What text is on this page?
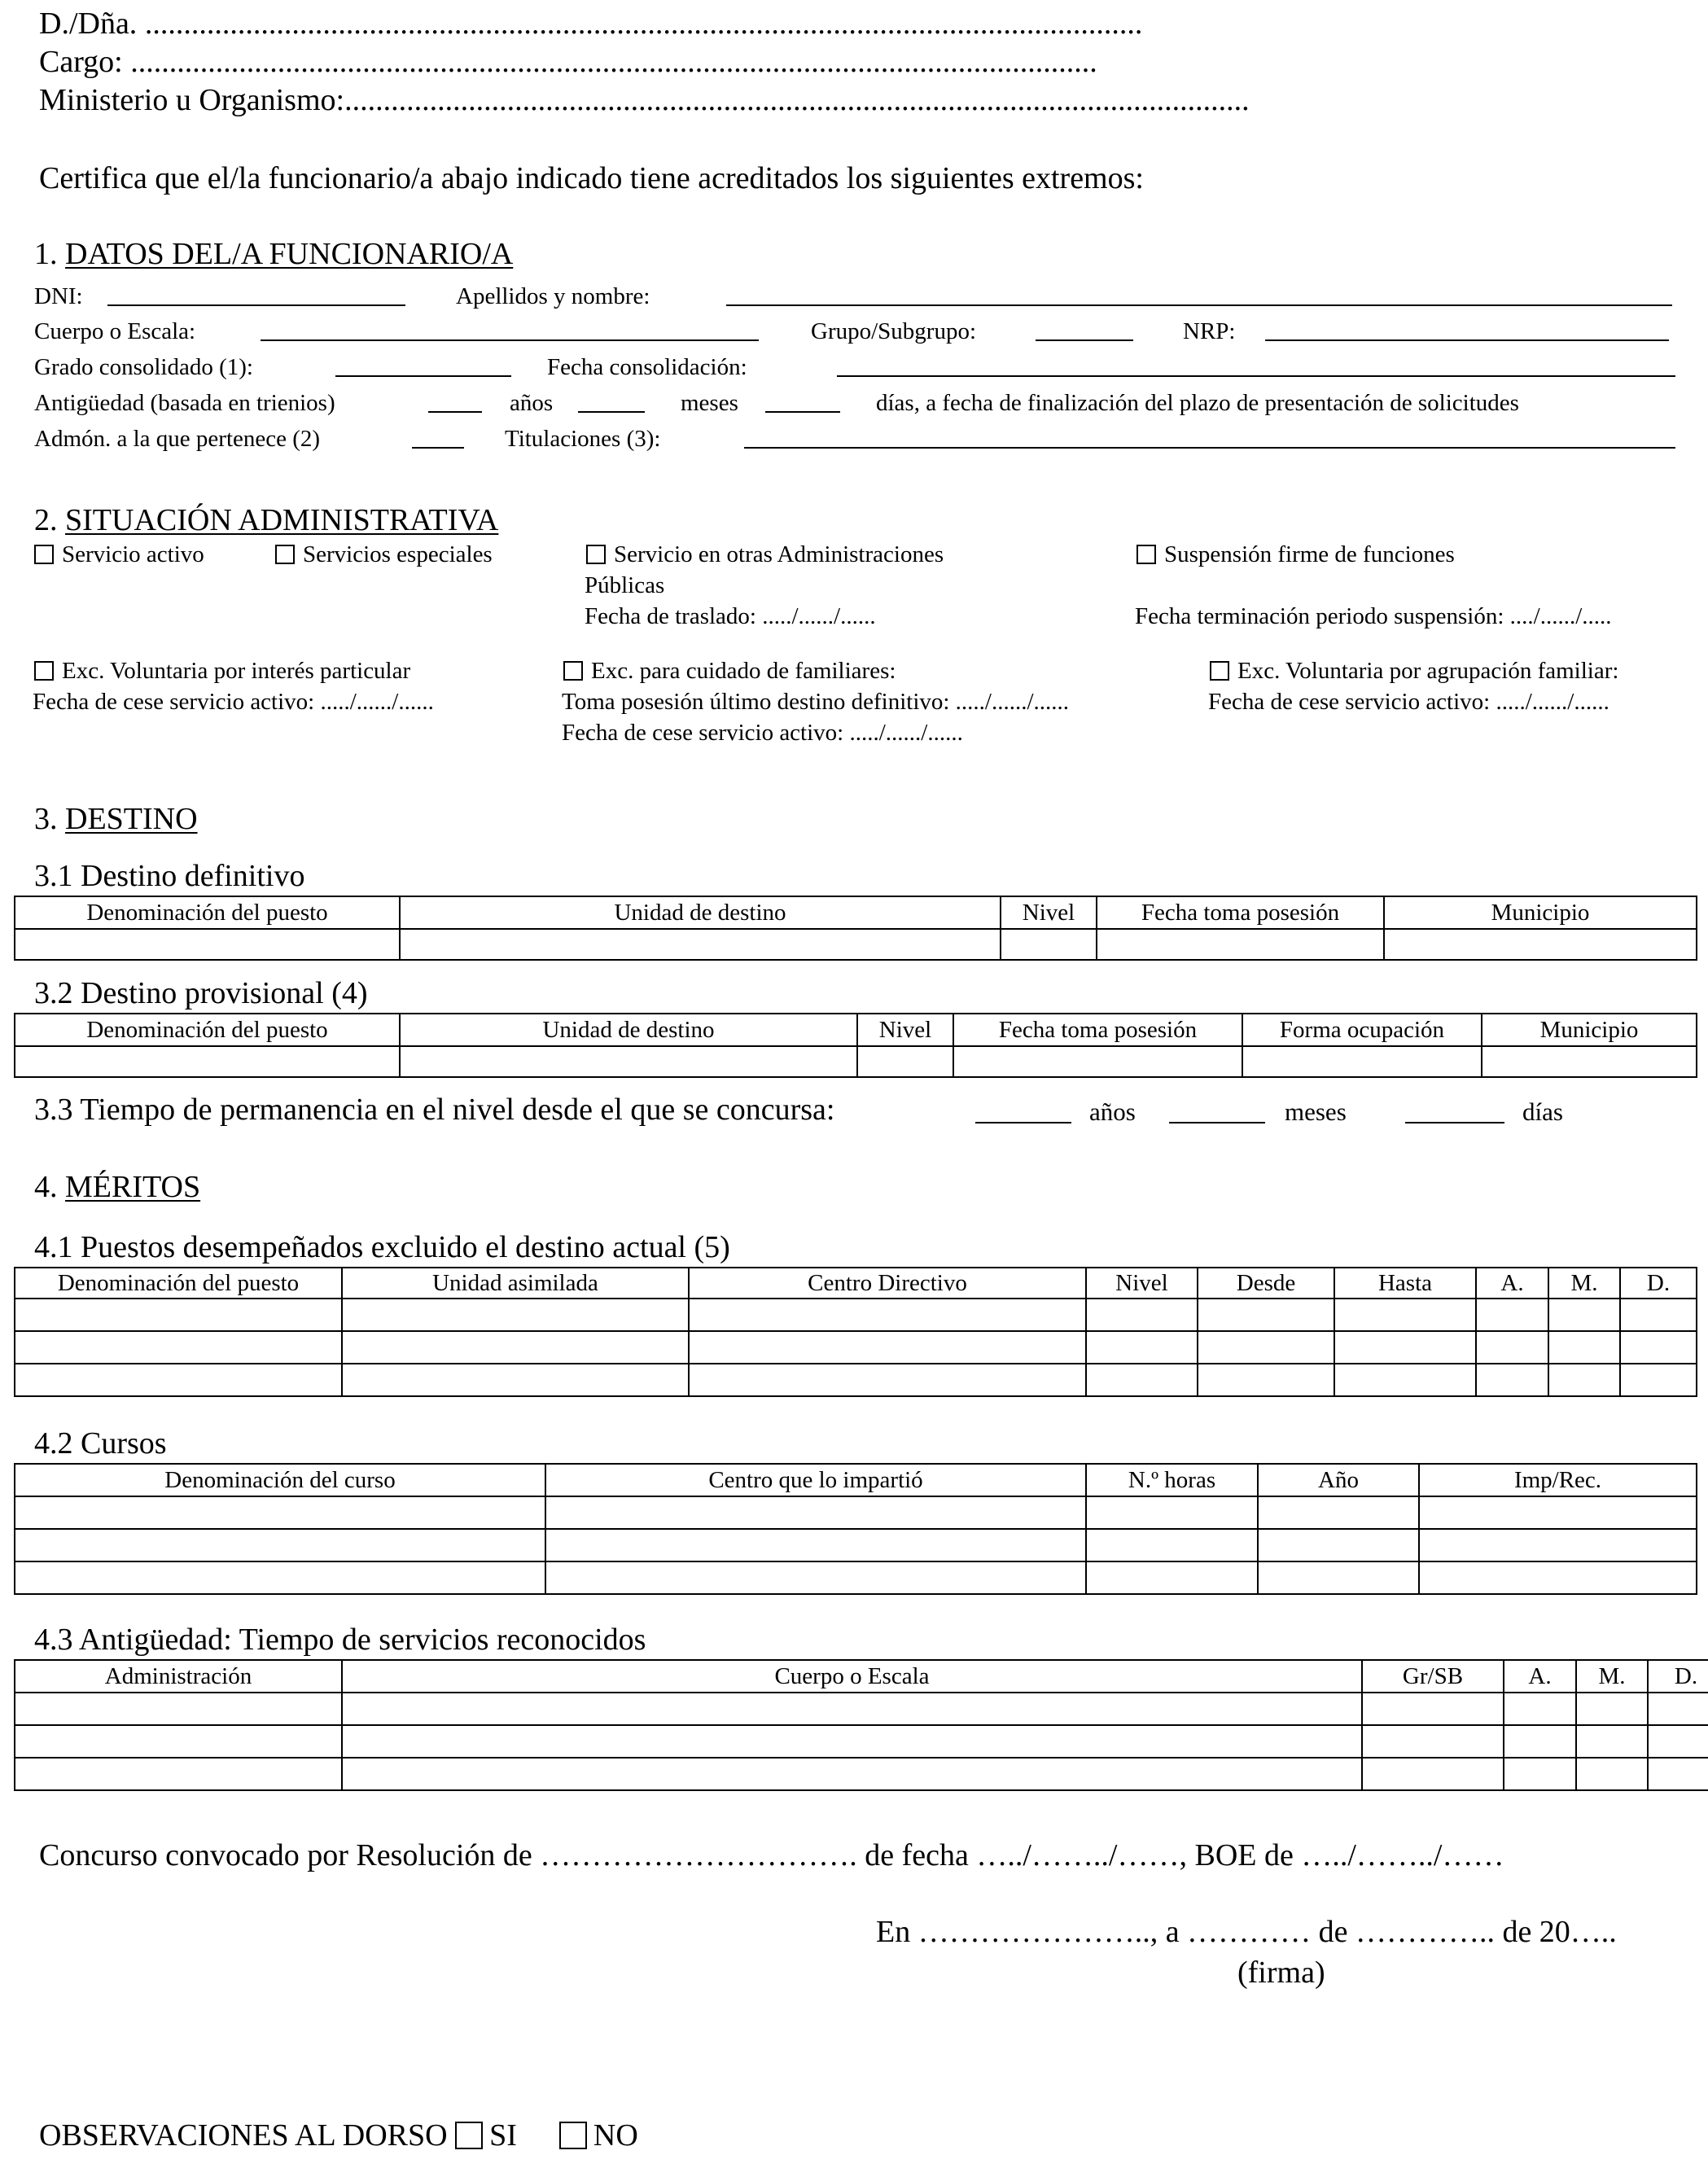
D./Dña. .................................................................................................................................
Cargo: .............................................................................................................................
Ministerio u Organismo:.....................................................................................................................
Certifica que el/la funcionario/a abajo indicado tiene acreditados los siguientes extremos:
1. DATOS DEL/A FUNCIONARIO/A
DNI:	Apellidos y nombre:
Cuerpo o Escala:	Grupo/Subgrupo:	NRP:
Grado consolidado (1):	Fecha consolidación:
Antigüedad (basada en trienios)	años	meses	días, a fecha de finalización del plazo de presentación de solicitudes
Admón. a la que pertenece (2)	Titulaciones (3):
2. SITUACIÓN ADMINISTRATIVA
Servicio activo	Servicios especiales	Servicio en otras Administraciones
Públicas
Fecha de traslado: ...../....../......
Suspensión firme de funciones
Fecha terminación periodo suspensión: ..../....../.....
Exc. Voluntaria por interés particular
Fecha de cese servicio activo: ...../....../......
Exc. para cuidado de familiares:
Toma posesión último destino definitivo: ...../....../......
Fecha de cese servicio activo: ...../....../......
Exc. Voluntaria por agrupación familiar:
Fecha de cese servicio activo: ...../....../......
3. DESTINO
3.1 Destino definitivo
Denominación del puesto	Unidad de destino	Nivel	Fecha toma posesión	Municipio

3.2 Destino provisional (4)
Denominación del puesto	Unidad de destino	Nivel	Fecha toma posesión	Forma ocupación	Municipio

3.3 Tiempo de permanencia en el nivel desde el que se concursa:	años	meses	días
4. MÉRITOS
4.1 Puestos desempeñados excluido el destino actual (5)
Denominación del puesto	Unidad asimilada	Centro Directivo	Nivel	Desde	Hasta	A.	M.	D.

4.2 Cursos
Denominación del curso	Centro que lo impartió	N.º horas	Año	Imp/Rec.

4.3 Antigüedad: Tiempo de servicios reconocidos
Administración	Cuerpo o Escala	Gr/SB	A.	M.	D.

Concurso convocado por Resolución de …………………………. de fecha …../……../……, BOE de …../……../……
En ………………….., a ………… de ………….. de 20…..
(firma)
OBSERVACIONES AL DORSO SI NO
